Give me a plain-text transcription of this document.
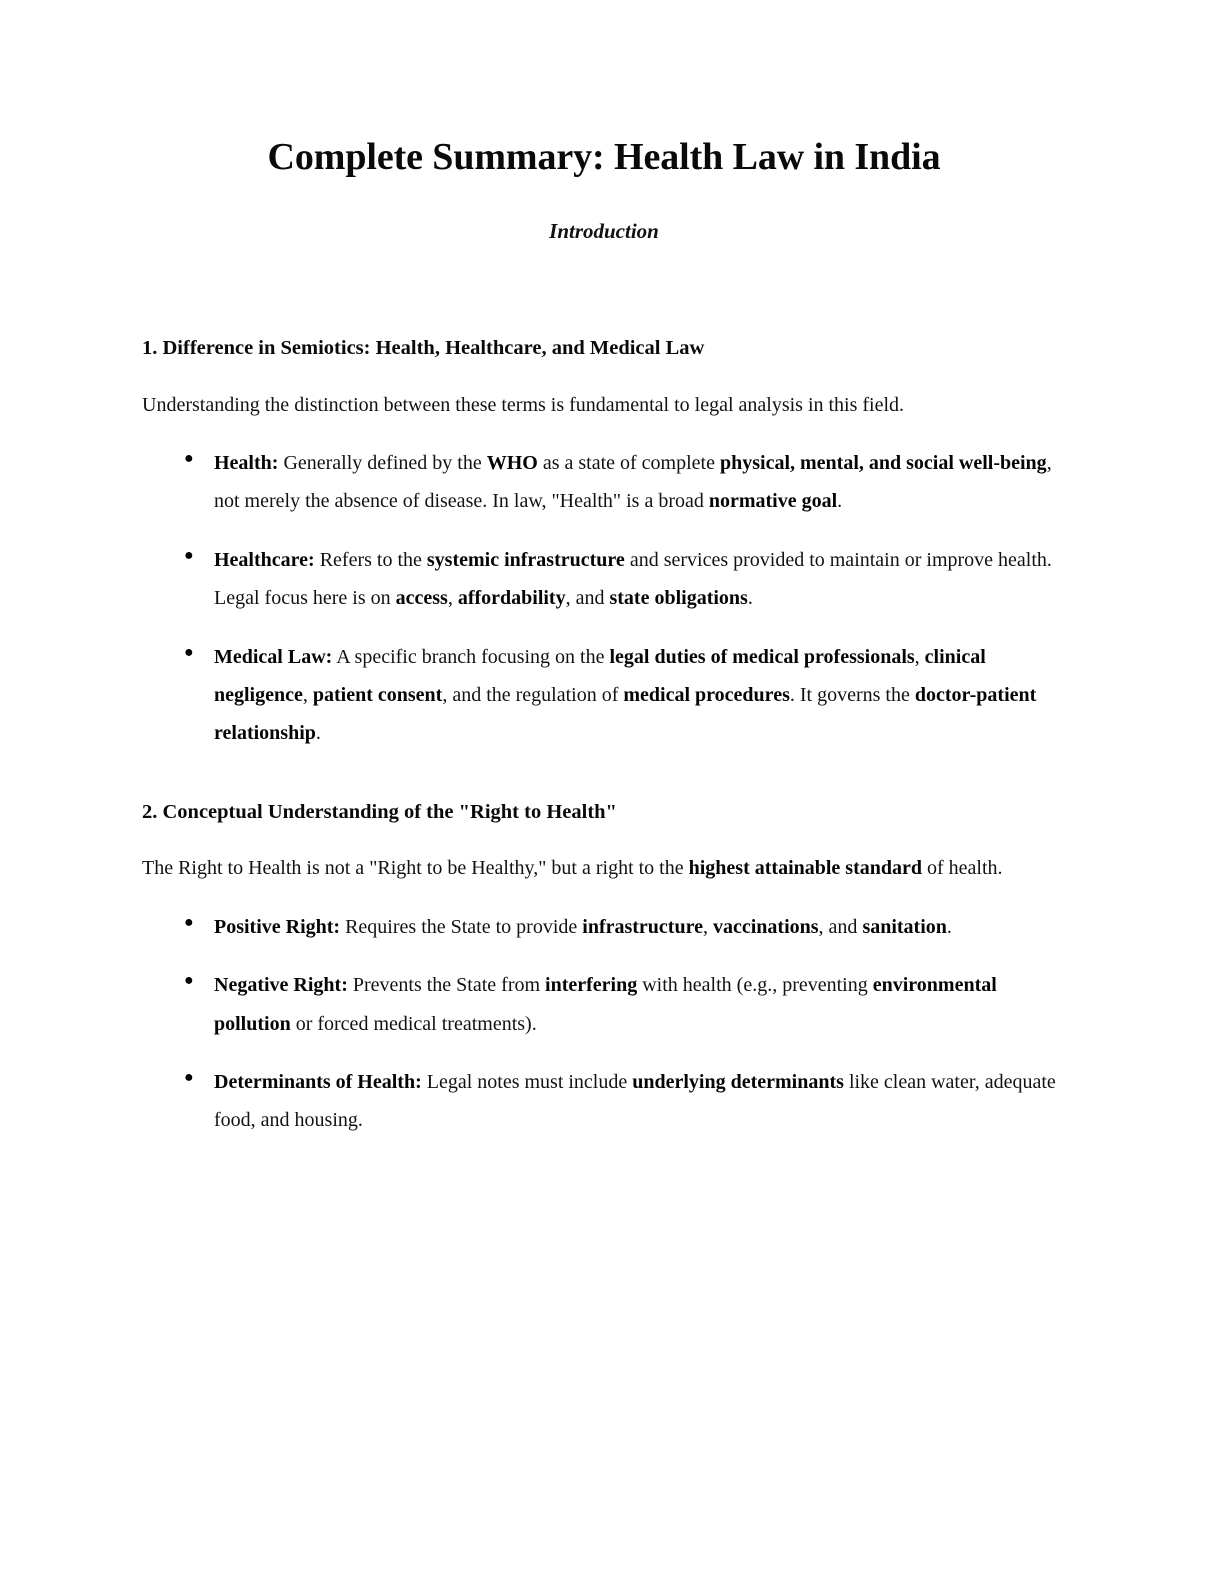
Complete Summary: Health Law in India
Introduction
1. Difference in Semiotics: Health, Healthcare, and Medical Law

Understanding the distinction between these terms is fundamental to legal analysis in this field.

● Health: Generally defined by the WHO as a state of complete physical, mental, and social well-being, not merely the absence of disease. In law, "Health" is a broad normative goal.
● Healthcare: Refers to the systemic infrastructure and services provided to maintain or improve health. Legal focus here is on access, affordability, and state obligations.
● Medical Law: A specific branch focusing on the legal duties of medical professionals, clinical negligence, patient consent, and the regulation of medical procedures. It governs the doctor-patient relationship.
2. Conceptual Understanding of the "Right to Health"

The Right to Health is not a "Right to be Healthy," but a right to the highest attainable standard of health.

● Positive Right: Requires the State to provide infrastructure, vaccinations, and sanitation.
● Negative Right: Prevents the State from interfering with health (e.g., preventing environmental pollution or forced medical treatments).
● Determinants of Health: Legal notes must include underlying determinants like clean water, adequate food, and housing.
